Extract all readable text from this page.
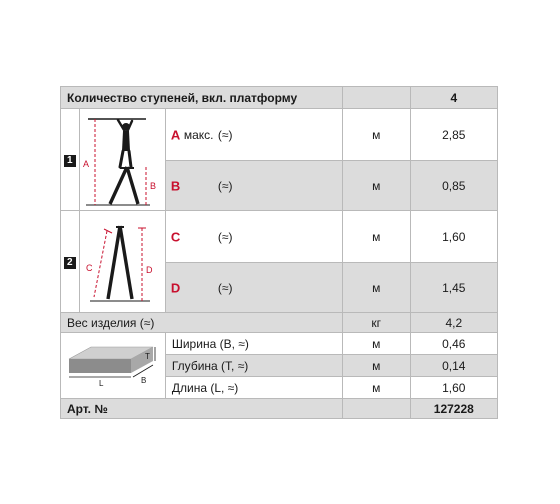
Количество ступеней, вкл. платформу				4
1	A
B	A макс. (≈)	м	2,85

		B (≈)	м	0,85
2	C D	C (≈)	м	1,60

		D (≈)	м	1,45
Вес изделия (≈)			кг	4,2

T
L B		Ширина (B, ≈)	м	0,46
		Глубина (T, ≈)	м	0,14
		Длина (L, ≈)	м	1,60
Арт. №				127228
